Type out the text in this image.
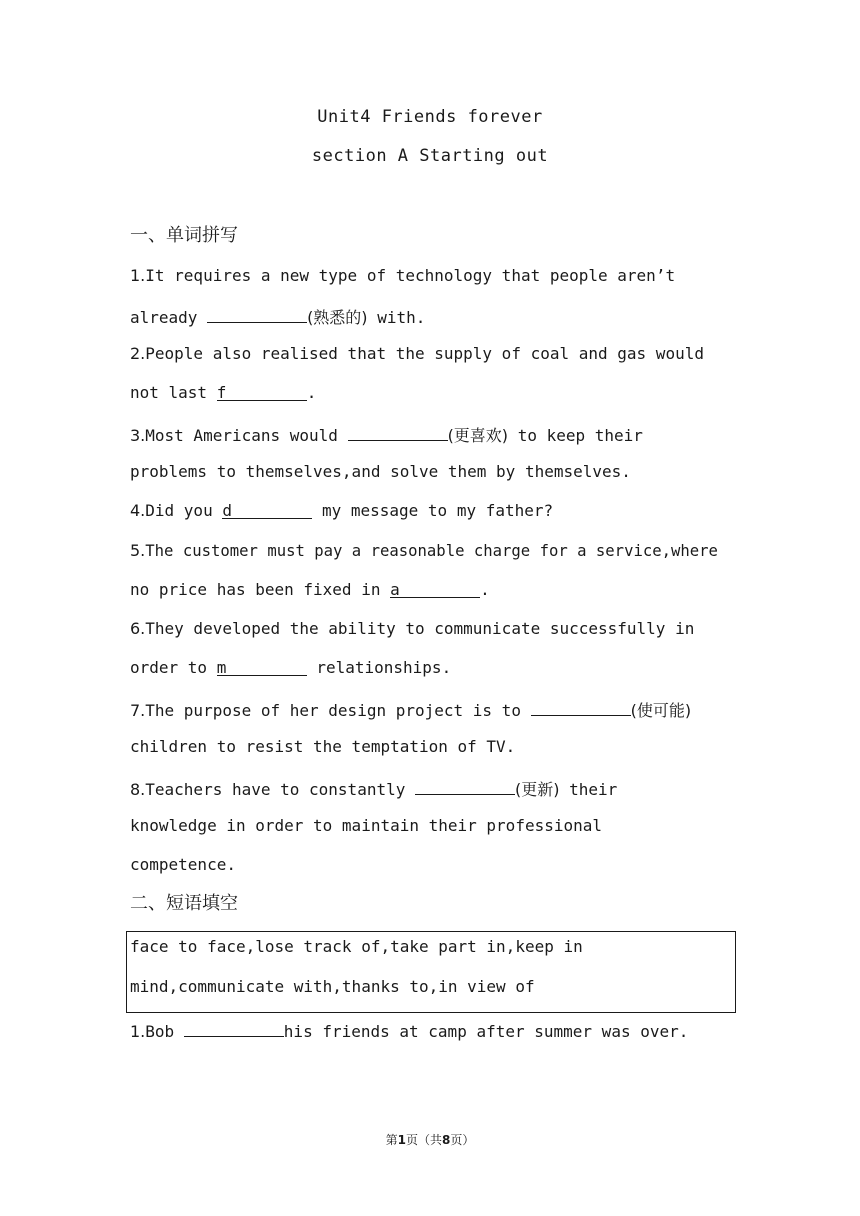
Unit4 Friends forever
section A Starting out
一、单词拼写
1.It requires a new type of technology that people aren’t
already	(熟悉的) with.
2.People also realised that the supply of coal and gas would
not last f	.
3.Most Americans would	(更喜欢) to keep their
problems to themselves,and solve them by themselves.
4.Did you d	my message to my father?
5.The customer must pay a reasonable charge for a service,where
no price has been fixed in a	.
6.They developed the ability to communicate successfully in
order to m	relationships.
7.The purpose of her design project is to	(使可能)
children to resist the temptation of TV.
8.Teachers have to constantly	(更新) their
knowledge in order to maintain their professional
competence.
二、短语填空
face to face,lose track of,take part in,keep in
mind,communicate with,thanks to,in view of
1.Bob	his friends at camp after summer was over.
第1页（共8页）
